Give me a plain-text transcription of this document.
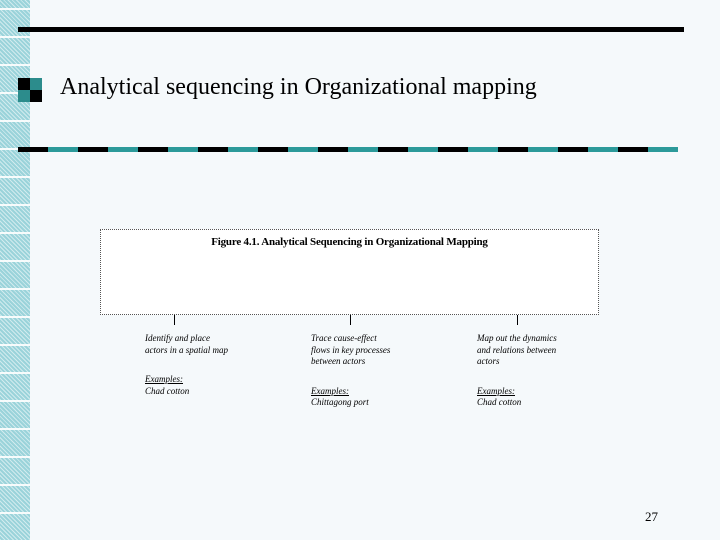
Analytical sequencing in Organizational mapping
Figure 4.1. Analytical Sequencing in Organizational Mapping
Identify and place
actors in a spatial map
Examples:
Chad cotton
Trace cause-effect
flows in key processes
between actors
Examples:
Chittagong port
Map out the dynamics
and relations between
actors
Examples:
Chad cotton
27
